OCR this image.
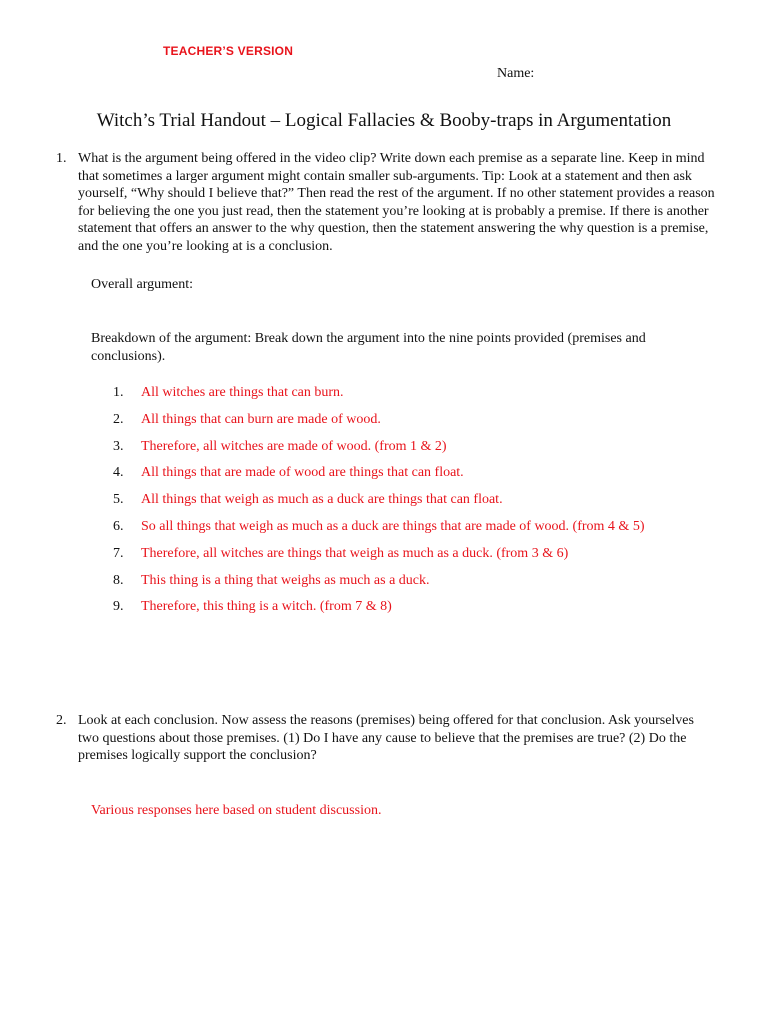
TEACHER’S VERSION
Name:
Witch’s Trial Handout – Logical Fallacies & Booby-traps in Argumentation
1. What is the argument being offered in the video clip? Write down each premise as a separate line. Keep in mind that sometimes a larger argument might contain smaller sub-arguments. Tip: Look at a statement and then ask yourself, “Why should I believe that?” Then read the rest of the argument. If no other statement provides a reason for believing the one you just read, then the statement you’re looking at is probably a premise. If there is another statement that offers an answer to the why question, then the statement answering the why question is a premise, and the one you’re looking at is a conclusion.
Overall argument:
Breakdown of the argument: Break down the argument into the nine points provided (premises and conclusions).
1. All witches are things that can burn.
2. All things that can burn are made of wood.
3. Therefore, all witches are made of wood. (from 1 & 2)
4. All things that are made of wood are things that can float.
5. All things that weigh as much as a duck are things that can float.
6. So all things that weigh as much as a duck are things that are made of wood. (from 4 & 5)
7. Therefore, all witches are things that weigh as much as a duck. (from 3 & 6)
8. This thing is a thing that weighs as much as a duck.
9. Therefore, this thing is a witch. (from 7 & 8)
2. Look at each conclusion. Now assess the reasons (premises) being offered for that conclusion. Ask yourselves two questions about those premises. (1) Do I have any cause to believe that the premises are true? (2) Do the premises logically support the conclusion?
Various responses here based on student discussion.
